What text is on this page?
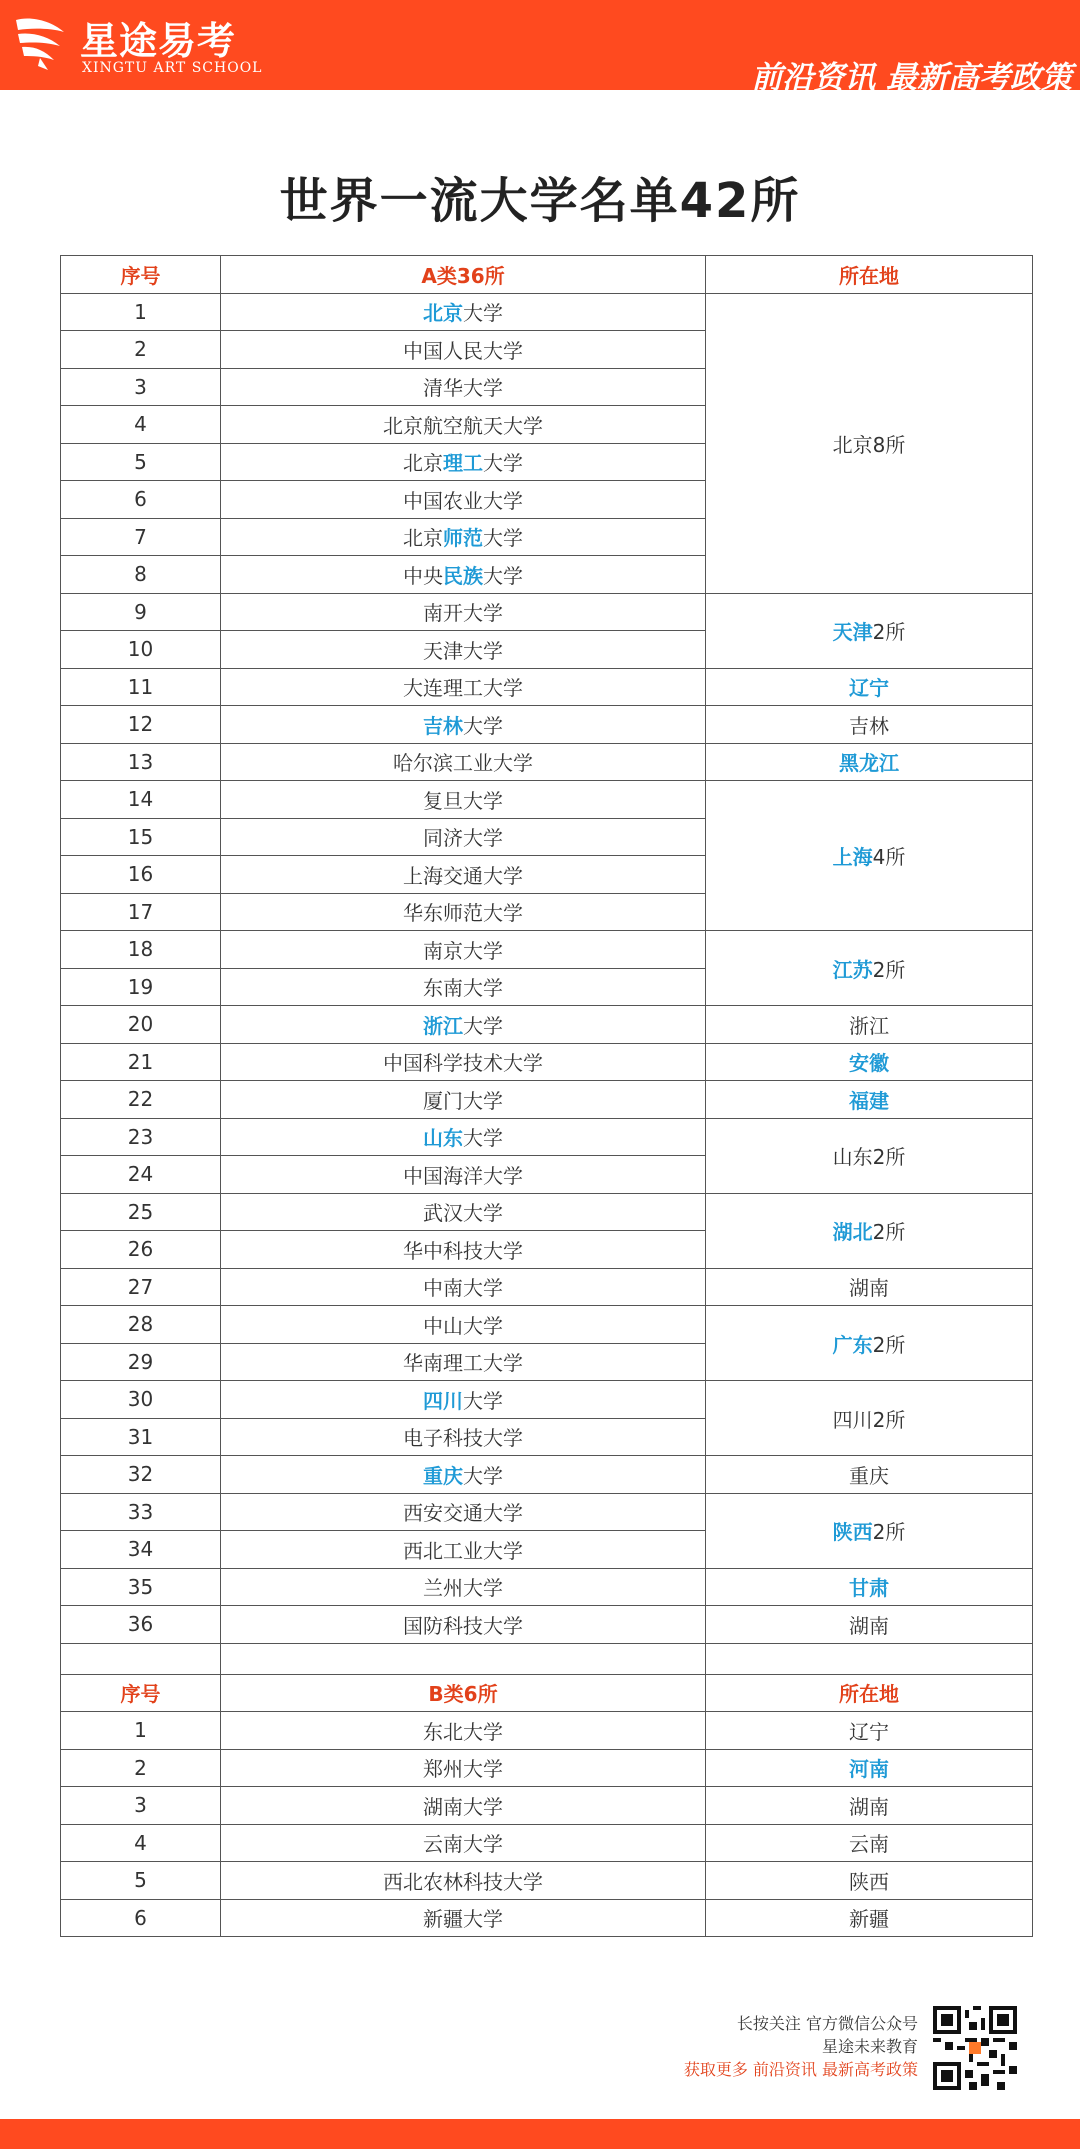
星途易考
XINGTU ART SCHOOL	前沿资讯 最新高考政策
世界一流大学名单42所
序号	A类36所	所在地
1	北京大学	北京8所
2	中国人民大学	
3	清华大学	
4	北京航空航天大学	
5	北京理工大学	
6	中国农业大学	
7	北京师范大学	
8	中央民族大学	
9	南开大学	天津2所
10	天津大学	
11	大连理工大学	辽宁
12	吉林大学	吉林
13	哈尔滨工业大学	黑龙江
14	复旦大学	上海4所
15	同济大学	
16	上海交通大学	
17	华东师范大学	
18	南京大学	江苏2所
19	东南大学	
20	浙江大学	浙江
21	中国科学技术大学	安徽
22	厦门大学	福建
23	山东大学	山东2所
24	中国海洋大学	
25	武汉大学	湖北2所
26	华中科技大学	
27	中南大学	湖南
28	中山大学	广东2所
29	华南理工大学	
30	四川大学	四川2所
31	电子科技大学	
32	重庆大学	重庆
33	西安交通大学	陕西2所
34	西北工业大学	
35	兰州大学	甘肃
36	国防科技大学	湖南

序号	B类6所	所在地
1	东北大学	辽宁
2	郑州大学	河南
3	湖南大学	湖南
4	云南大学	云南
5	西北农林科技大学	陕西
6	新疆大学	新疆
长按关注 官方微信公众号
星途未来教育
获取更多 前沿资讯 最新高考政策
